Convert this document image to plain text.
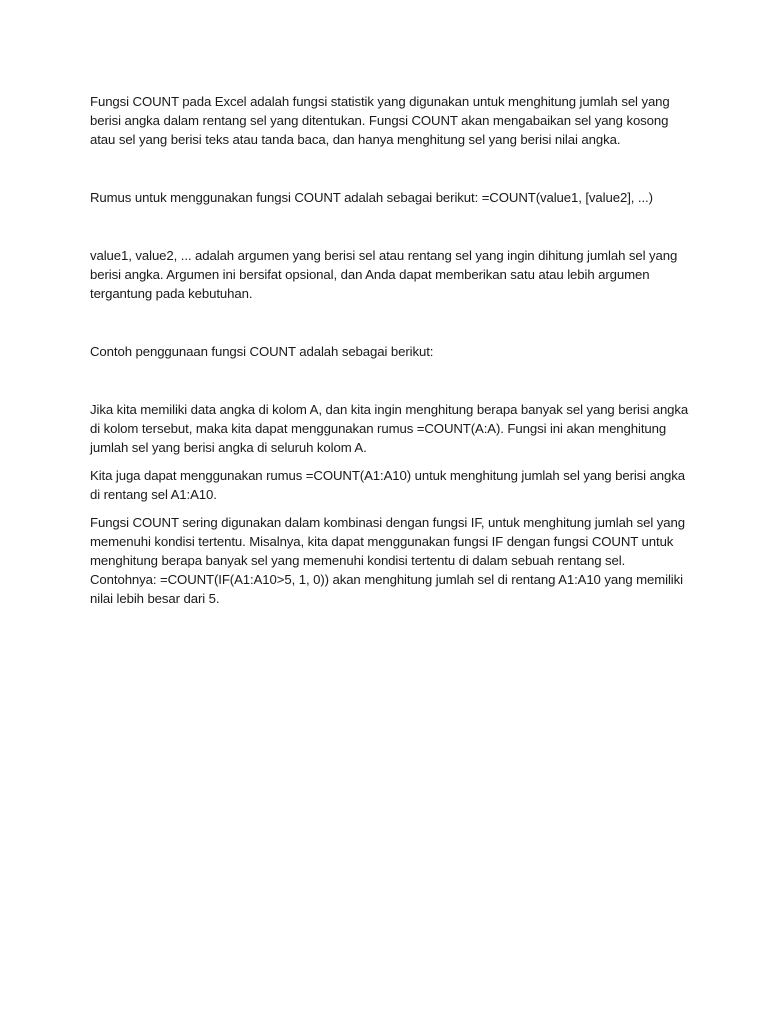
Fungsi COUNT pada Excel adalah fungsi statistik yang digunakan untuk menghitung jumlah sel yang berisi angka dalam rentang sel yang ditentukan. Fungsi COUNT akan mengabaikan sel yang kosong atau sel yang berisi teks atau tanda baca, dan hanya menghitung sel yang berisi nilai angka.

Rumus untuk menggunakan fungsi COUNT adalah sebagai berikut: =COUNT(value1, [value2], ...)

value1, value2, ... adalah argumen yang berisi sel atau rentang sel yang ingin dihitung jumlah sel yang berisi angka. Argumen ini bersifat opsional, dan Anda dapat memberikan satu atau lebih argumen tergantung pada kebutuhan.

Contoh penggunaan fungsi COUNT adalah sebagai berikut:

Jika kita memiliki data angka di kolom A, dan kita ingin menghitung berapa banyak sel yang berisi angka di kolom tersebut, maka kita dapat menggunakan rumus =COUNT(A:A). Fungsi ini akan menghitung jumlah sel yang berisi angka di seluruh kolom A.

Kita juga dapat menggunakan rumus =COUNT(A1:A10) untuk menghitung jumlah sel yang berisi angka di rentang sel A1:A10.

Fungsi COUNT sering digunakan dalam kombinasi dengan fungsi IF, untuk menghitung jumlah sel yang memenuhi kondisi tertentu. Misalnya, kita dapat menggunakan fungsi IF dengan fungsi COUNT untuk menghitung berapa banyak sel yang memenuhi kondisi tertentu di dalam sebuah rentang sel. Contohnya: =COUNT(IF(A1:A10>5, 1, 0)) akan menghitung jumlah sel di rentang A1:A10 yang memiliki nilai lebih besar dari 5.
